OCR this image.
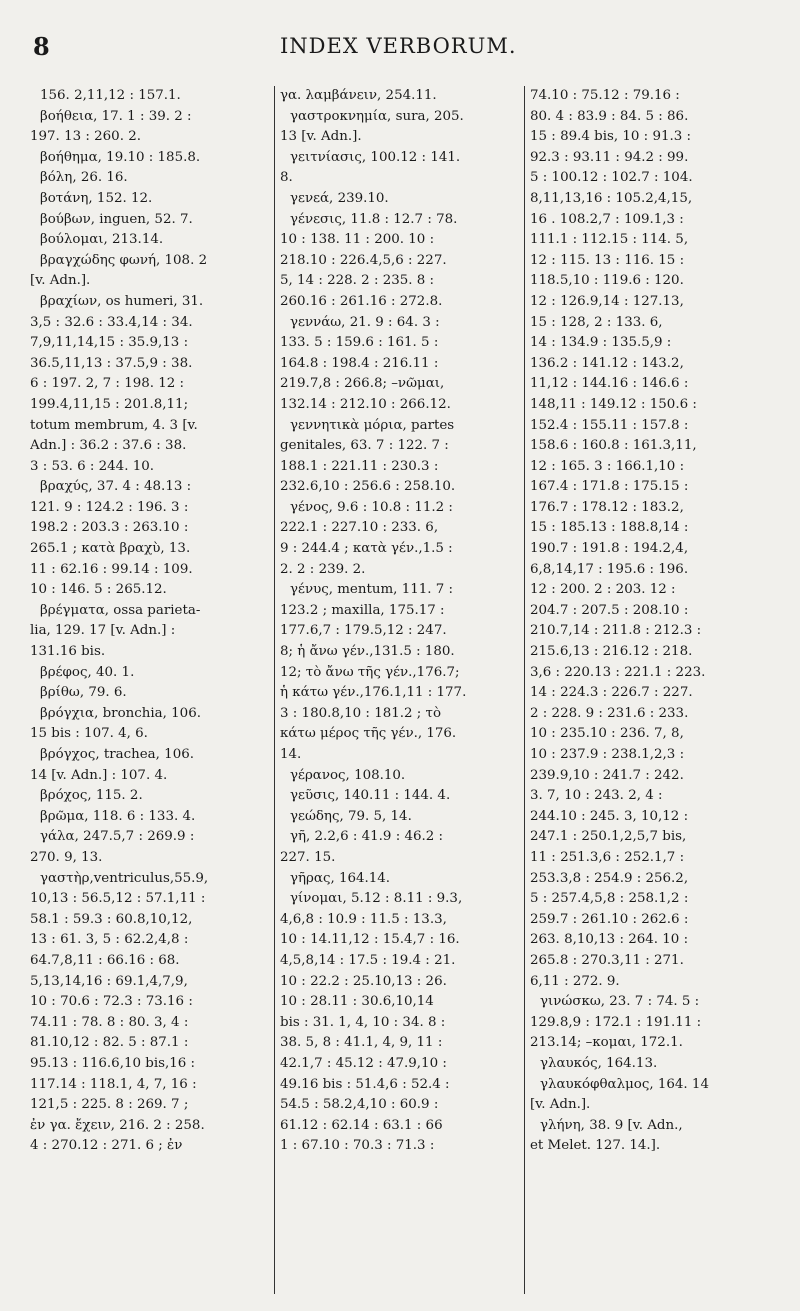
8	INDEX VERBORUM.
156. 2,11,12 : 157.1.
βοήθεια, 17. 1 : 39. 2 :
197. 13 : 260. 2.
βοήθημα, 19.10 : 185.8.
βόλη, 26. 16.
βοτάνη, 152. 12.
βούβων, inguen, 52. 7.
βούλομαι, 213.14.
βραγχώδης φωνή, 108. 2
[v. Adn.].
βραχίων, os humeri, 31.
3,5 : 32.6 : 33.4,14 : 34.
7,9,11,14,15 : 35.9,13 :
36.5,11,13 : 37.5,9 : 38.
6 : 197. 2, 7 : 198. 12 :
199.4,11,15 : 201.8,11;
totum membrum, 4. 3 [v.
Adn.] : 36.2 : 37.6 : 38.
3 : 53. 6 : 244. 10.
βραχύς, 37. 4 : 48.13 :
121. 9 : 124.2 : 196. 3 :
198.2 : 203.3 : 263.10 :
265.1 ; κατὰ βραχὺ, 13.
11 : 62.16 : 99.14 : 109.
10 : 146. 5 : 265.12.
βρέγματα, ossa parieta-
lia, 129. 17 [v. Adn.] :
131.16 bis.
βρέφος, 40. 1.
βρίθω, 79. 6.
βρόγχια, bronchia, 106.
15 bis : 107. 4, 6.
βρόγχος, trachea, 106.
14 [v. Adn.] : 107. 4.
βρόχος, 115. 2.
βρῶμα, 118. 6 : 133. 4.
γάλα, 247.5,7 : 269.9 :
270. 9, 13.
γαστὴρ,ventriculus,55.9,
10,13 : 56.5,12 : 57.1,11 :
58.1 : 59.3 : 60.8,10,12,
13 : 61. 3, 5 : 62.2,4,8 :
64.7,8,11 : 66.16 : 68.
5,13,14,16 : 69.1,4,7,9,
10 : 70.6 : 72.3 : 73.16 :
74.11 : 78. 8 : 80. 3, 4 :
81.10,12 : 82. 5 : 87.1 :
95.13 : 116.6,10 bis,16 :
117.14 : 118.1, 4, 7, 16 :
121,5 : 225. 8 : 269. 7 ;
ἐν γα. ἔχειν, 216. 2 : 258.
4 : 270.12 : 271. 6 ; ἐν
γα. λαμβάνειν, 254.11.
γαστροκνημία, sura, 205.
13 [v. Adn.].
γειτνίασις, 100.12 : 141.
8.
γενεά, 239.10.
γένεσις, 11.8 : 12.7 : 78.
10 : 138. 11 : 200. 10 :
218.10 : 226.4,5,6 : 227.
5, 14 : 228. 2 : 235. 8 :
260.16 : 261.16 : 272.8.
γεννάω, 21. 9 : 64. 3 :
133. 5 : 159.6 : 161. 5 :
164.8 : 198.4 : 216.11 :
219.7,8 : 266.8; –νῶμαι,
132.14 : 212.10 : 266.12.
γεννητικὰ μόρια, partes
genitales, 63. 7 : 122. 7 :
188.1 : 221.11 : 230.3 :
232.6,10 : 256.6 : 258.10.
γένος, 9.6 : 10.8 : 11.2 :
222.1 : 227.10 : 233. 6,
9 : 244.4 ; κατὰ γέν.,1.5 :
2. 2 : 239. 2.
γένυς, mentum, 111. 7 :
123.2 ; maxilla, 175.17 :
177.6,7 : 179.5,12 : 247.
8; ἡ ἄνω γέν.,131.5 : 180.
12; τὸ ἄνω τῆς γέν.,176.7;
ἡ κάτω γέν.,176.1,11 : 177.
3 : 180.8,10 : 181.2 ; τὸ
κάτω μέρος τῆς γέν., 176.
14.
γέρανος, 108.10.
γεῦσις, 140.11 : 144. 4.
γεώδης, 79. 5, 14.
γῆ, 2.2,6 : 41.9 : 46.2 :
227. 15.
γῆρας, 164.14.
γίνομαι, 5.12 : 8.11 : 9.3,
4,6,8 : 10.9 : 11.5 : 13.3,
10 : 14.11,12 : 15.4,7 : 16.
4,5,8,14 : 17.5 : 19.4 : 21.
10 : 22.2 : 25.10,13 : 26.
10 : 28.11 : 30.6,10,14
bis : 31. 1, 4, 10 : 34. 8 :
38. 5, 8 : 41.1, 4, 9, 11 :
42.1,7 : 45.12 : 47.9,10 :
49.16 bis : 51.4,6 : 52.4 :
54.5 : 58.2,4,10 : 60.9 :
61.12 : 62.14 : 63.1 : 66
1 : 67.10 : 70.3 : 71.3 :
74.10 : 75.12 : 79.16 :
80. 4 : 83.9 : 84. 5 : 86.
15 : 89.4 bis, 10 : 91.3 :
92.3 : 93.11 : 94.2 : 99.
5 : 100.12 : 102.7 : 104.
8,11,13,16 : 105.2,4,15,
16 . 108.2,7 : 109.1,3 :
111.1 : 112.15 : 114. 5,
12 : 115. 13 : 116. 15 :
118.5,10 : 119.6 : 120.
12 : 126.9,14 : 127.13,
15 : 128, 2 : 133. 6,
14 : 134.9 : 135.5,9 :
136.2 : 141.12 : 143.2,
11,12 : 144.16 : 146.6 :
148,11 : 149.12 : 150.6 :
152.4 : 155.11 : 157.8 :
158.6 : 160.8 : 161.3,11,
12 : 165. 3 : 166.1,10 :
167.4 : 171.8 : 175.15 :
176.7 : 178.12 : 183.2,
15 : 185.13 : 188.8,14 :
190.7 : 191.8 : 194.2,4,
6,8,14,17 : 195.6 : 196.
12 : 200. 2 : 203. 12 :
204.7 : 207.5 : 208.10 :
210.7,14 : 211.8 : 212.3 :
215.6,13 : 216.12 : 218.
3,6 : 220.13 : 221.1 : 223.
14 : 224.3 : 226.7 : 227.
2 : 228. 9 : 231.6 : 233.
10 : 235.10 : 236. 7, 8,
10 : 237.9 : 238.1,2,3 :
239.9,10 : 241.7 : 242.
3. 7, 10 : 243. 2, 4 :
244.10 : 245. 3, 10,12 :
247.1 : 250.1,2,5,7 bis,
11 : 251.3,6 : 252.1,7 :
253.3,8 : 254.9 : 256.2,
5 : 257.4,5,8 : 258.1,2 :
259.7 : 261.10 : 262.6 :
263. 8,10,13 : 264. 10 :
265.8 : 270.3,11 : 271.
6,11 : 272. 9.
γινώσκω, 23. 7 : 74. 5 :
129.8,9 : 172.1 : 191.11 :
213.14; –κομαι, 172.1.
γλαυκός, 164.13.
γλαυκόφθαλμος, 164. 14
[v. Adn.].
γλήνη, 38. 9 [v. Adn.,
et Melet. 127. 14.].
